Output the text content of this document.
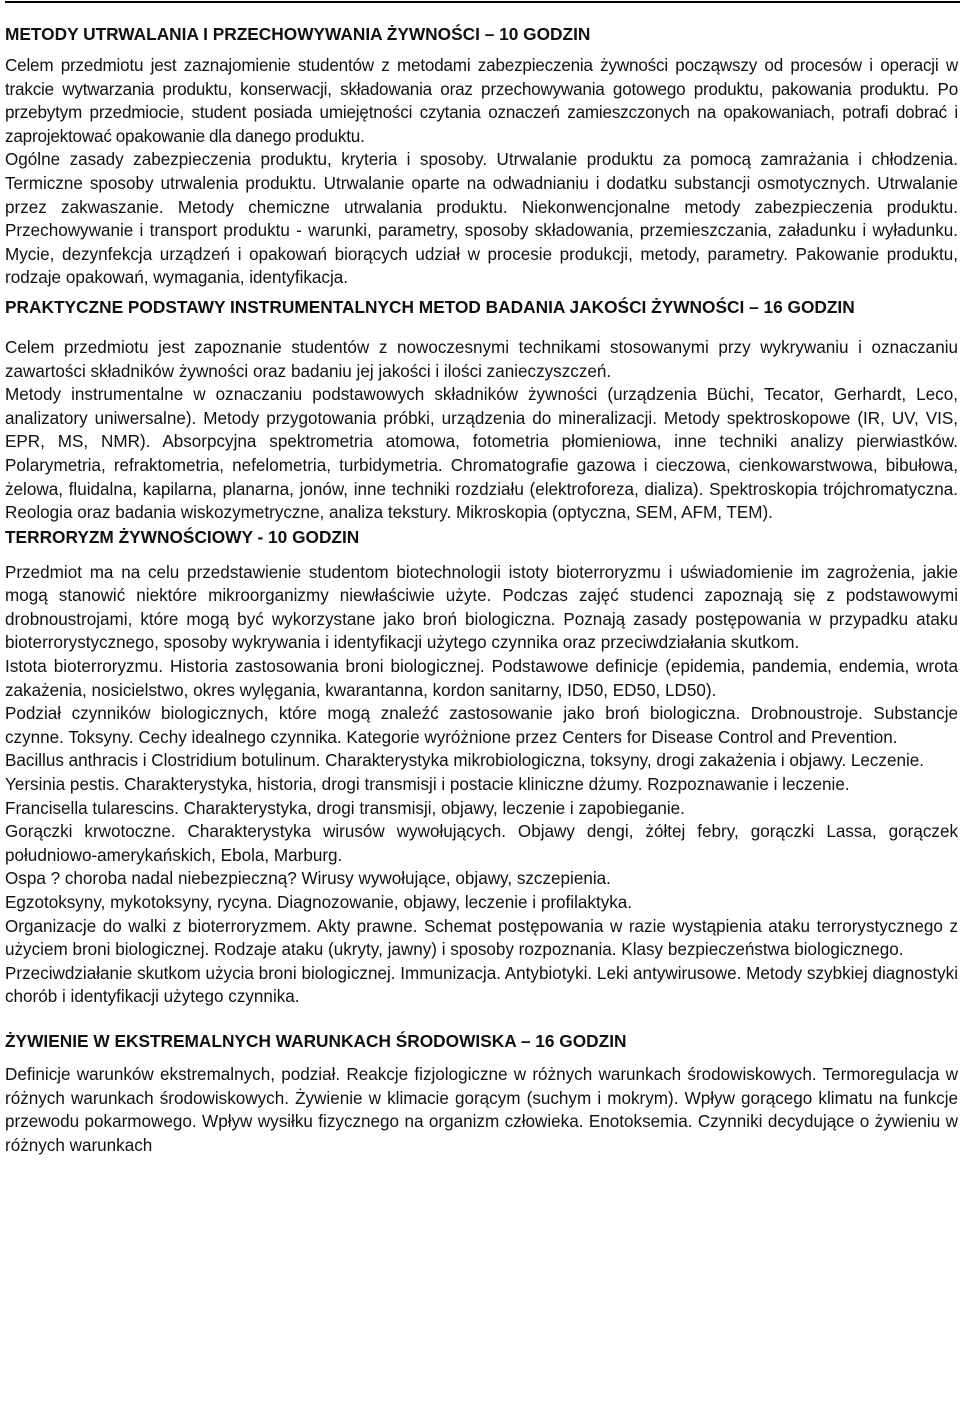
METODY UTRWALANIA I PRZECHOWYWANIA ŻYWNOŚCI – 10 GODZIN

Celem przedmiotu jest zaznajomienie studentów z metodami zabezpieczenia żywności począwszy od procesów i operacji w trakcie wytwarzania produktu, konserwacji, składowania oraz przechowywania gotowego produktu, pakowania produktu. Po przebytym przedmiocie, student posiada umiejętności czytania oznaczeń zamieszczonych na opakowaniach, potrafi dobrać i zaprojektować opakowanie dla danego produktu.

Ogólne zasady zabezpieczenia produktu, kryteria i sposoby. Utrwalanie produktu za pomocą zamrażania i chłodzenia. Termiczne sposoby utrwalenia produktu. Utrwalanie oparte na odwadnianiu i dodatku substancji osmotycznych. Utrwalanie przez zakwaszanie. Metody chemiczne utrwalania produktu. Niekonwencjonalne metody zabezpieczenia produktu. Przechowywanie i transport produktu - warunki, parametry, sposoby składowania, przemieszczania, załadunku i wyładunku. Mycie, dezynfekcja urządzeń i opakowań biorących udział w procesie produkcji, metody, parametry. Pakowanie produktu, rodzaje opakowań, wymagania, identyfikacja.

PRAKTYCZNE PODSTAWY INSTRUMENTALNYCH METOD BADANIA JAKOŚCI ŻYWNOŚCI – 16 GODZIN

Celem przedmiotu jest zapoznanie studentów z nowoczesnymi technikami stosowanymi przy wykrywaniu i oznaczaniu zawartości składników żywności oraz badaniu jej jakości i ilości zanieczyszczeń.

Metody instrumentalne w oznaczaniu podstawowych składników żywności (urządzenia Büchi, Tecator, Gerhardt, Leco, analizatory uniwersalne). Metody przygotowania próbki, urządzenia do mineralizacji. Metody spektroskopowe (IR, UV, VIS, EPR, MS, NMR). Absorpcyjna spektrometria atomowa, fotometria płomieniowa, inne techniki analizy pierwiastków. Polarymetria, refraktometria, nefelometria, turbidymetria. Chromatografie gazowa i cieczowa, cienkowarstwowa, bibułowa, żelowa, fluidalna, kapilarna, planarna, jonów, inne techniki rozdziału (elektroforeza, dializa). Spektroskopia trójchromatyczna. Reologia oraz badania wiskozymetryczne, analiza tekstury. Mikroskopia (optyczna, SEM, AFM, TEM).

TERRORYZM ŻYWNOŚCIOWY - 10 GODZIN

Przedmiot ma na celu przedstawienie studentom biotechnologii istoty bioterroryzmu i uświadomienie im zagrożenia, jakie mogą stanowić niektóre mikroorganizmy niewłaściwie użyte. Podczas zajęć studenci zapoznają się z podstawowymi drobnoustrojami, które mogą być wykorzystane jako broń biologiczna. Poznają zasady postępowania w przypadku ataku bioterrorystycznego, sposoby wykrywania i identyfikacji użytego czynnika oraz przeciwdziałania skutkom.

Istota bioterroryzmu. Historia zastosowania broni biologicznej. Podstawowe definicje (epidemia, pandemia, endemia, wrota zakażenia, nosicielstwo, okres wylęgania, kwarantanna, kordon sanitarny, ID50, ED50, LD50).

Podział czynników biologicznych, które mogą znaleźć zastosowanie jako broń biologiczna. Drobnoustroje. Substancje czynne. Toksyny. Cechy idealnego czynnika. Kategorie wyróżnione przez Centers for Disease Control and Prevention.

Bacillus anthracis i Clostridium botulinum. Charakterystyka mikrobiologiczna, toksyny, drogi zakażenia i objawy. Leczenie.

Yersinia pestis. Charakterystyka, historia, drogi transmisji i postacie kliniczne dżumy. Rozpoznawanie i leczenie.

Francisella tularescins. Charakterystyka, drogi transmisji, objawy, leczenie i zapobieganie.

Gorączki krwotoczne. Charakterystyka wirusów wywołujących. Objawy dengi, żółtej febry, gorączki Lassa, gorączek południowo-amerykańskich, Ebola, Marburg.

Ospa ? choroba nadal niebezpieczną? Wirusy wywołujące, objawy, szczepienia.

Egzotoksyny, mykotoksyny, rycyna. Diagnozowanie, objawy, leczenie i profilaktyka.

Organizacje do walki z bioterroryzmem. Akty prawne. Schemat postępowania w razie wystąpienia ataku terrorystycznego z użyciem broni biologicznej. Rodzaje ataku (ukryty, jawny) i sposoby rozpoznania. Klasy bezpieczeństwa biologicznego.

Przeciwdziałanie skutkom użycia broni biologicznej. Immunizacja. Antybiotyki. Leki antywirusowe. Metody szybkiej diagnostyki chorób i identyfikacji użytego czynnika.

ŻYWIENIE W EKSTREMALNYCH WARUNKACH ŚRODOWISKA – 16 GODZIN

Definicje warunków ekstremalnych, podział. Reakcje fizjologiczne w różnych warunkach środowiskowych. Termoregulacja w różnych warunkach środowiskowych. Żywienie w klimacie gorącym (suchym i mokrym). Wpływ gorącego klimatu na funkcje przewodu pokarmowego. Wpływ wysiłku fizycznego na organizm człowieka. Enotoksemia. Czynniki decydujące o żywieniu w różnych warunkach
